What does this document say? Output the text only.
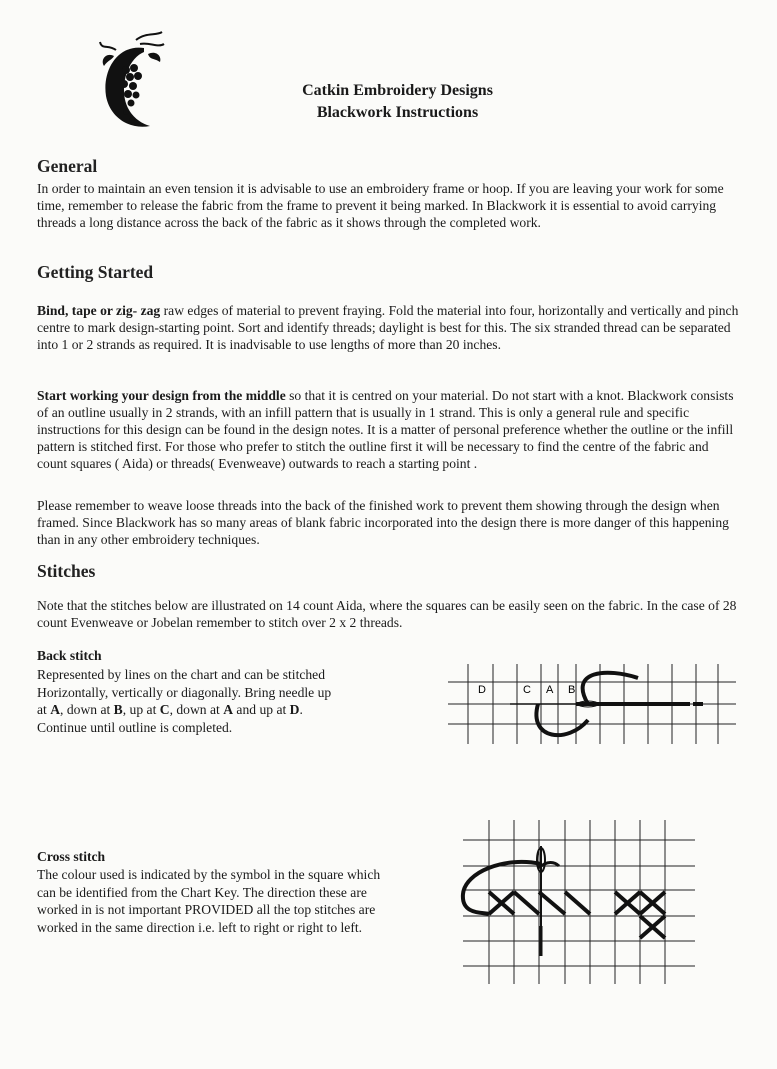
Catkin Embroidery Designs
Blackwork Instructions
General

In order to maintain an even tension it is advisable to use an embroidery frame or hoop. If you are leaving your work for some time, remember to release the fabric from the frame to prevent it being marked. In Blackwork it is essential to avoid carrying threads a long distance across the back of the fabric as it shows through the completed work.

Getting Started

Bind, tape or zig- zag raw edges of material to prevent fraying. Fold the material into four, horizontally and vertically and pinch centre to mark design-starting point. Sort and identify threads; daylight is best for this. The six stranded thread can be separated into 1 or 2 strands as required. It is inadvisable to use lengths of more than 20 inches.

Start working your design from the middle so that it is centred on your material. Do not start with a knot. Blackwork consists of an outline usually in 2 strands, with an infill pattern that is usually in 1 strand. This is only a general rule and specific instructions for this design can be found in the design notes. It is a matter of personal preference whether the outline or the infill pattern is stitched first. For those who prefer to stitch the outline first it will be necessary to find the centre of the fabric and count squares ( Aida) or threads( Evenweave) outwards to reach a starting point .

Please remember to weave loose threads into the back of the finished work to prevent them showing through the design when framed. Since Blackwork has so many areas of blank fabric incorporated into the design there is more danger of this happening than in any other embroidery techniques.

Stitches

Note that the stitches below are illustrated on 14 count Aida, where the squares can be easily seen on the fabric. In the case of 28 count Evenweave or Jobelan remember to stitch over 2 x 2 threads.

Back stitch
Represented by lines on the chart and can be stitched
Horizontally, vertically or diagonally. Bring needle up
at A, down at B, up at C, down at A and up at D.
Continue until outline is completed.
D	C A B
Cross stitch

The colour used is indicated by the symbol in the square which can be identified from the Chart Key. The direction these are worked in is not important PROVIDED all the top stitches are worked in the same direction i.e. left to right or right to left.
